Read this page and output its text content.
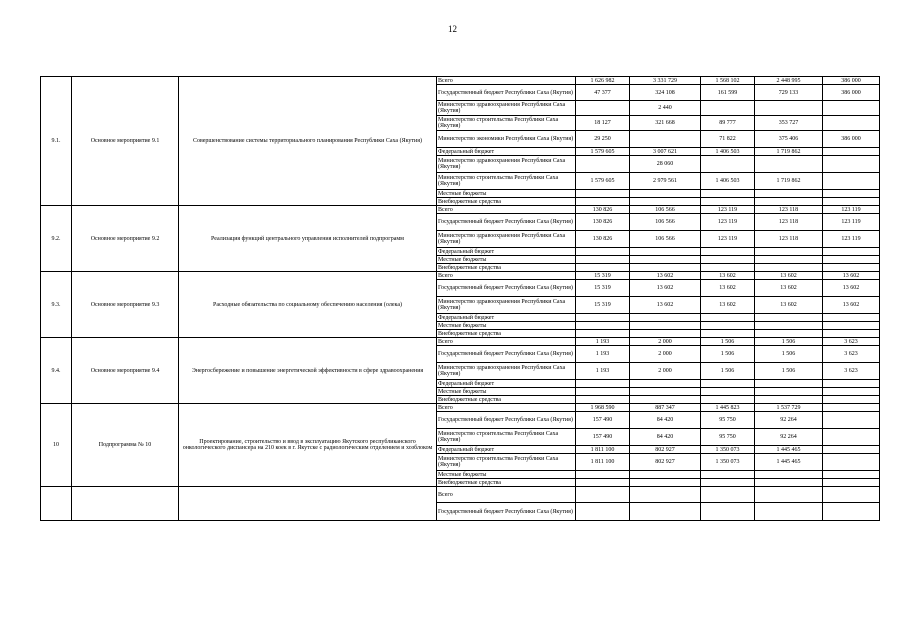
12
9.1.	Основное мероприятие 9.1	Совершенствование системы территориального планирования Республики Саха (Якутия)	Всего	1 626 982	3 331 729	1 568 102	2 448 995	386 000
			Государственный бюджет Республики Саха (Якутия)	47 377	324 108	161 599	729 133	386 000
			Министерство здравоохранения Республики Саха (Якутия)		2 440			
			Министерство строительства Республики Саха (Якутия)	18 127	321 668	89 777	353 727	
			Министерство экономики Республики Саха (Якутия)	29 250		71 822	375 406	386 000
			Федеральный бюджет	1 579 605	3 007 621	1 406 503	1 719 862	
			Министерство здравоохранения Республики Саха (Якутия)		28 060			
			Министерство строительства Республики Саха (Якутия)	1 579 605	2 979 561	1 406 503	1 719 862	
			Местные бюджеты					
			Внебюджетные средства					
9.2.	Основное мероприятие 9.2	Реализация функций центрального управления исполнителей подпрограмм	Всего	130 826	106 566	123 119	123 118	123 119
			Государственный бюджет Республики Саха (Якутия)	130 826	106 566	123 119	123 118	123 119
			Министерство здравоохранения Республики Саха (Якутия)	130 826	106 566	123 119	123 118	123 119
			Федеральный бюджет					
			Местные бюджеты					
			Внебюджетные средства					
9.3.	Основное мероприятие 9.3	Расходные обязательства по социальному обеспечению населения (олека)	Всего	15 319	13 602	13 602	13 602	13 602
			Государственный бюджет Республики Саха (Якутия)	15 319	13 602	13 602	13 602	13 602
			Министерство здравоохранения Республики Саха (Якутия)	15 319	13 602	13 602	13 602	13 602
			Федеральный бюджет					
			Местные бюджеты					
			Внебюджетные средства					
9.4.	Основное мероприятие 9.4	Энергосбережение и повышение энергетической эффективности в сфере здравоохранения	Всего	1 193	2 000	1 506	1 506	3 623
			Государственный бюджет Республики Саха (Якутия)	1 193	2 000	1 506	1 506	3 623
			Министерство здравоохранения Республики Саха (Якутия)	1 193	2 000	1 506	1 506	3 623
			Федеральный бюджет					
			Местные бюджеты					
			Внебюджетные средства					
10	Подпрограмма № 10	Проектирование, строительство и ввод в эксплуатацию Якутского республиканского онкологического диспансера на 210 коек в г. Якутске с радиологическим отделением и хозблоком	Всего	1 968 590	887 347	1 445 823	1 537 729	
			Государственный бюджет Республики Саха (Якутия)	157 490	84 420	95 750	92 264	
			Министерство строительства Республики Саха (Якутия)	157 490	84 420	95 750	92 264	
			Федеральный бюджет	1 811 100	802 927	1 350 073	1 445 465	
			Министерство строительства Республики Саха (Якутия)	1 811 100	802 927	1 350 073	1 445 465	
			Местные бюджеты					
			Внебюджетные средства					
			Всего					
			Государственный бюджет Республики Саха (Якутия)					
